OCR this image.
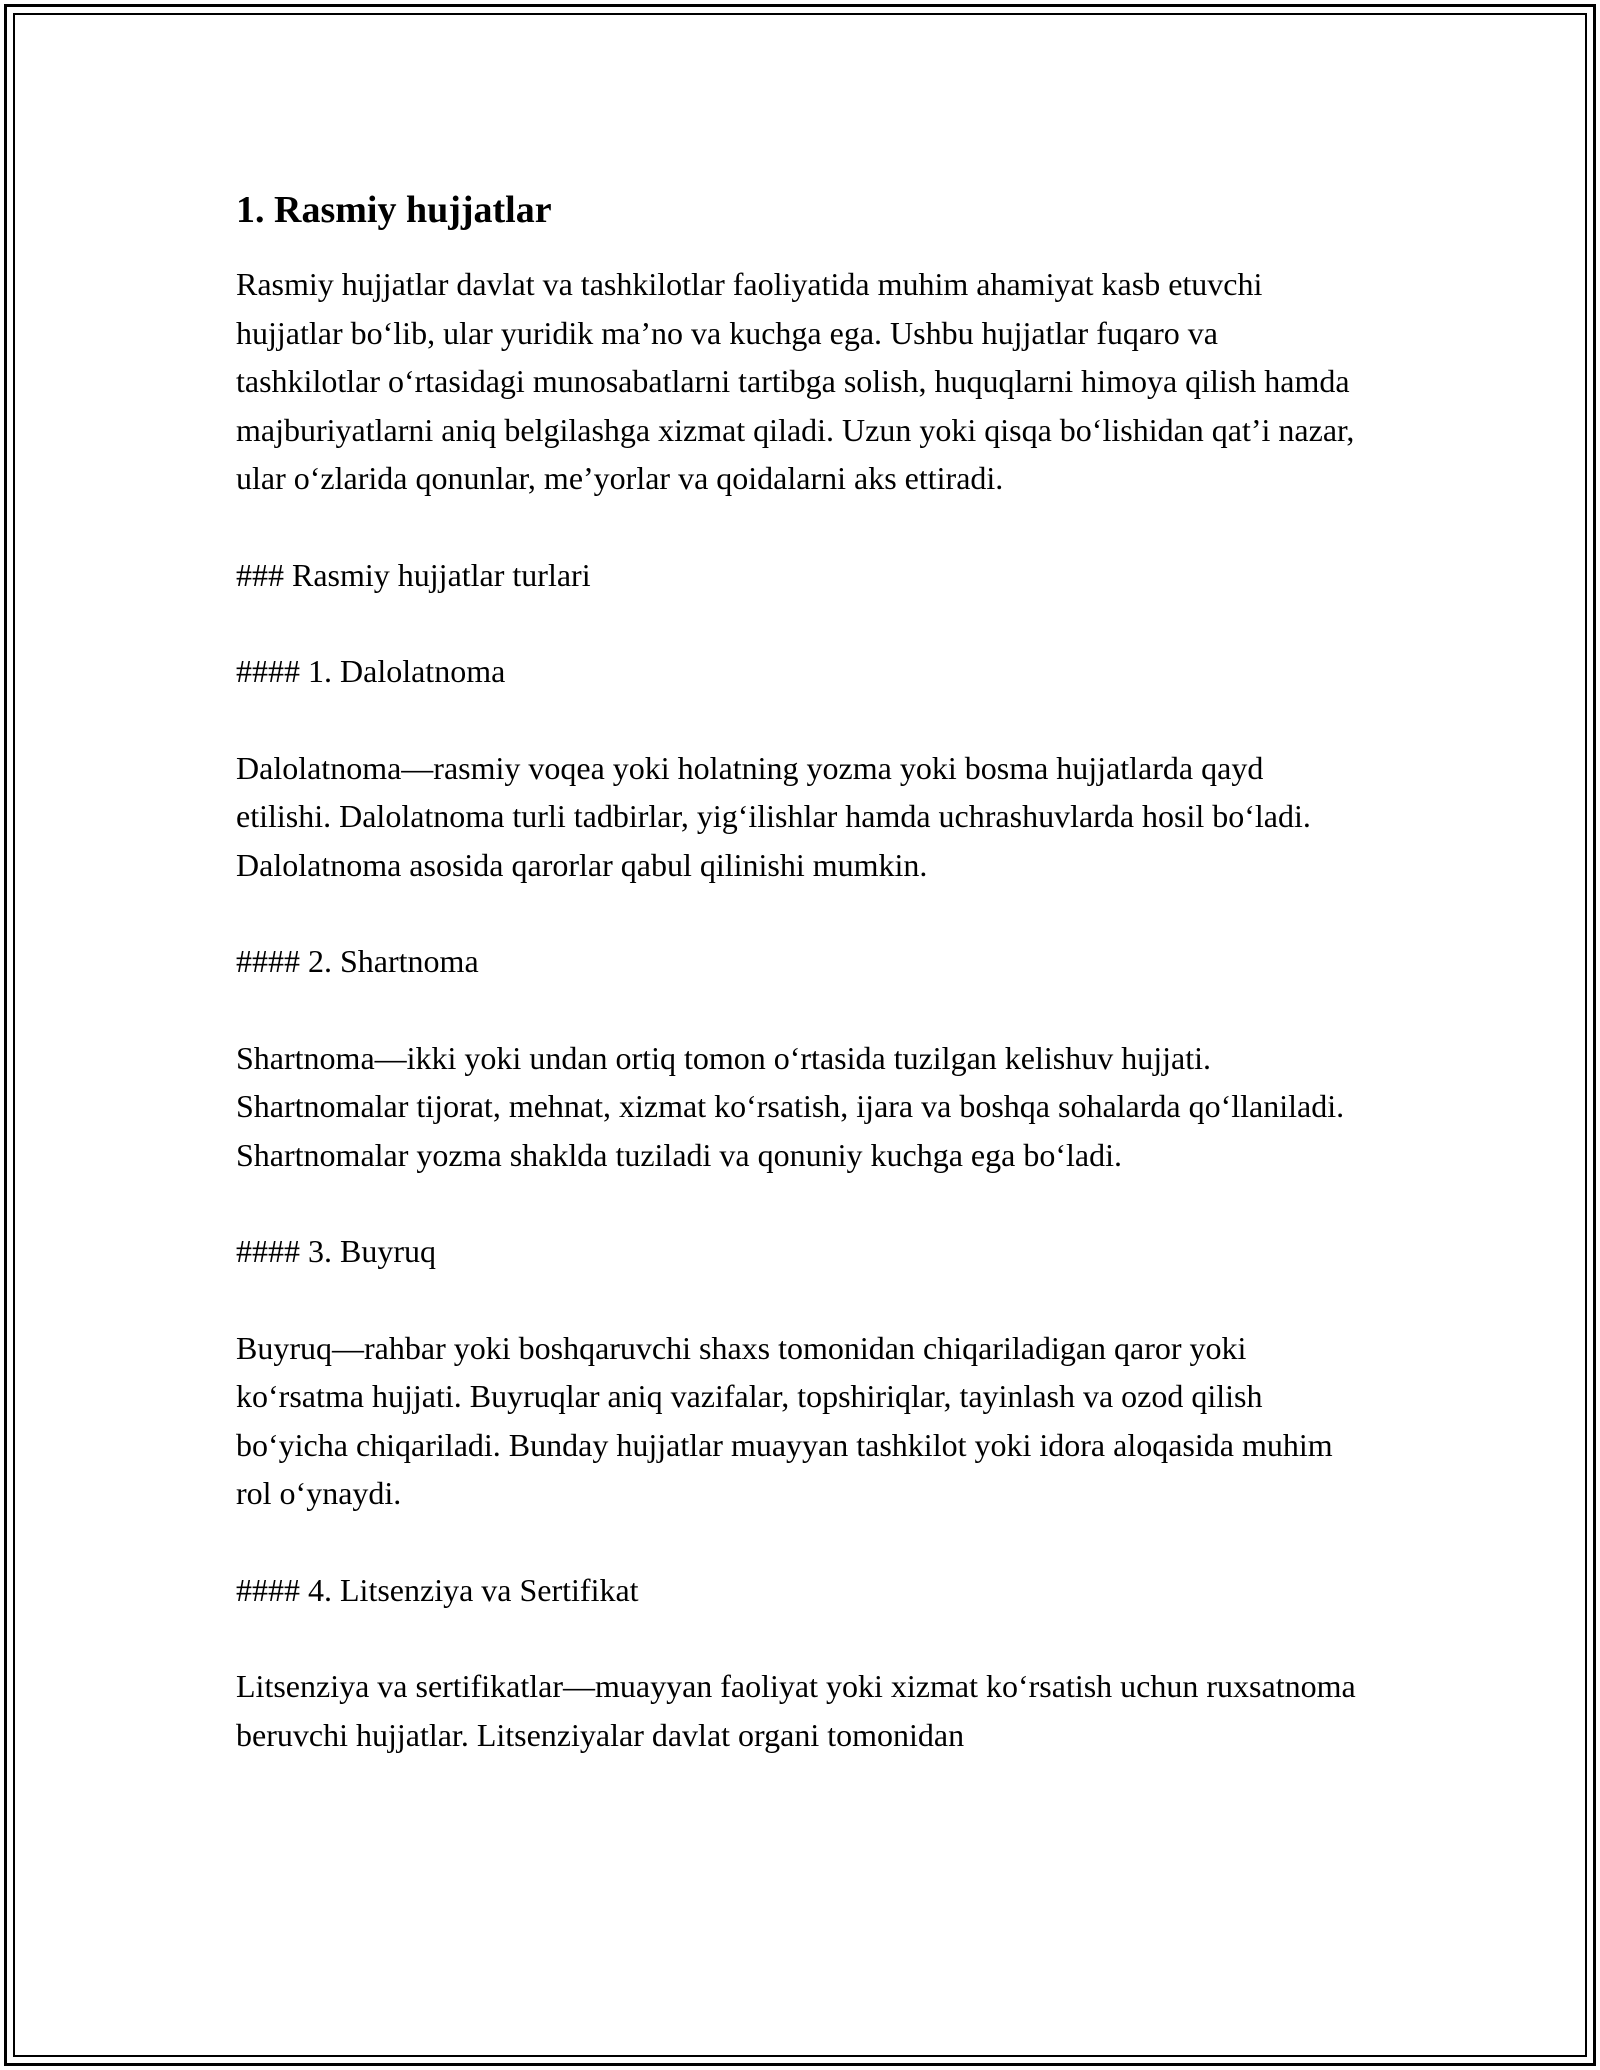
1. Rasmiy hujjatlar

Rasmiy hujjatlar davlat va tashkilotlar faoliyatida muhim ahamiyat kasb etuvchi hujjatlar bo‘lib, ular yuridik ma’no va kuchga ega. Ushbu hujjatlar fuqaro va tashkilotlar o‘rtasidagi munosabatlarni tartibga solish, huquqlarni himoya qilish hamda majburiyatlarni aniq belgilashga xizmat qiladi. Uzun yoki qisqa bo‘lishidan qat’i nazar, ular o‘zlarida qonunlar, me’yorlar va qoidalarni aks ettiradi.

### Rasmiy hujjatlar turlari

#### 1. Dalolatnoma

Dalolatnoma—rasmiy voqea yoki holatning yozma yoki bosma hujjatlarda qayd etilishi. Dalolatnoma turli tadbirlar, yig‘ilishlar hamda uchrashuvlarda hosil bo‘ladi. Dalolatnoma asosida qarorlar qabul qilinishi mumkin.

#### 2. Shartnoma

Shartnoma—ikki yoki undan ortiq tomon o‘rtasida tuzilgan kelishuv hujjati. Shartnomalar tijorat, mehnat, xizmat ko‘rsatish, ijara va boshqa sohalarda qo‘llaniladi. Shartnomalar yozma shaklda tuziladi va qonuniy kuchga ega bo‘ladi.

#### 3. Buyruq

Buyruq—rahbar yoki boshqaruvchi shaxs tomonidan chiqariladigan qaror yoki ko‘rsatma hujjati. Buyruqlar aniq vazifalar, topshiriqlar, tayinlash va ozod qilish bo‘yicha chiqariladi. Bunday hujjatlar muayyan tashkilot yoki idora aloqasida muhim rol o‘ynaydi.

#### 4. Litsenziya va Sertifikat

Litsenziya va sertifikatlar—muayyan faoliyat yoki xizmat ko‘rsatish uchun ruxsatnoma beruvchi hujjatlar. Litsenziyalar davlat organi tomonidan
